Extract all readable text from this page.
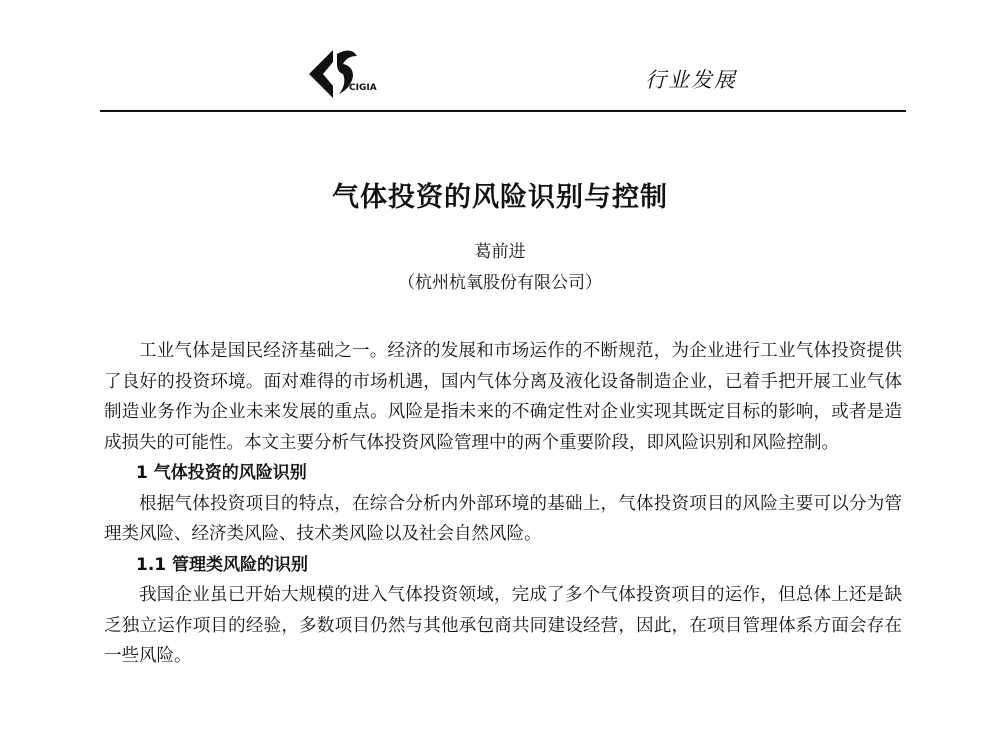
CIGIA	行业发展
气体投资的风险识别与控制
葛前进
（杭州杭氧股份有限公司）

工业气体是国民经济基础之一。经济的发展和市场运作的不断规范，为企业进行工业气体投资提供了良好的投资环境。面对难得的市场机遇，国内气体分离及液化设备制造企业，已着手把开展工业气体制造业务作为企业未来发展的重点。风险是指未来的不确定性对企业实现其既定目标的影响，或者是造成损失的可能性。本文主要分析气体投资风险管理中的两个重要阶段，即风险识别和风险控制。

1 气体投资的风险识别

根据气体投资项目的特点，在综合分析内外部环境的基础上，气体投资项目的风险主要可以分为管理类风险、经济类风险、技术类风险以及社会自然风险。

1.1 管理类风险的识别

我国企业虽已开始大规模的进入气体投资领域，完成了多个气体投资项目的运作，但总体上还是缺乏独立运作项目的经验，多数项目仍然与其他承包商共同建设经营，因此，在项目管理体系方面会存在一些风险。
